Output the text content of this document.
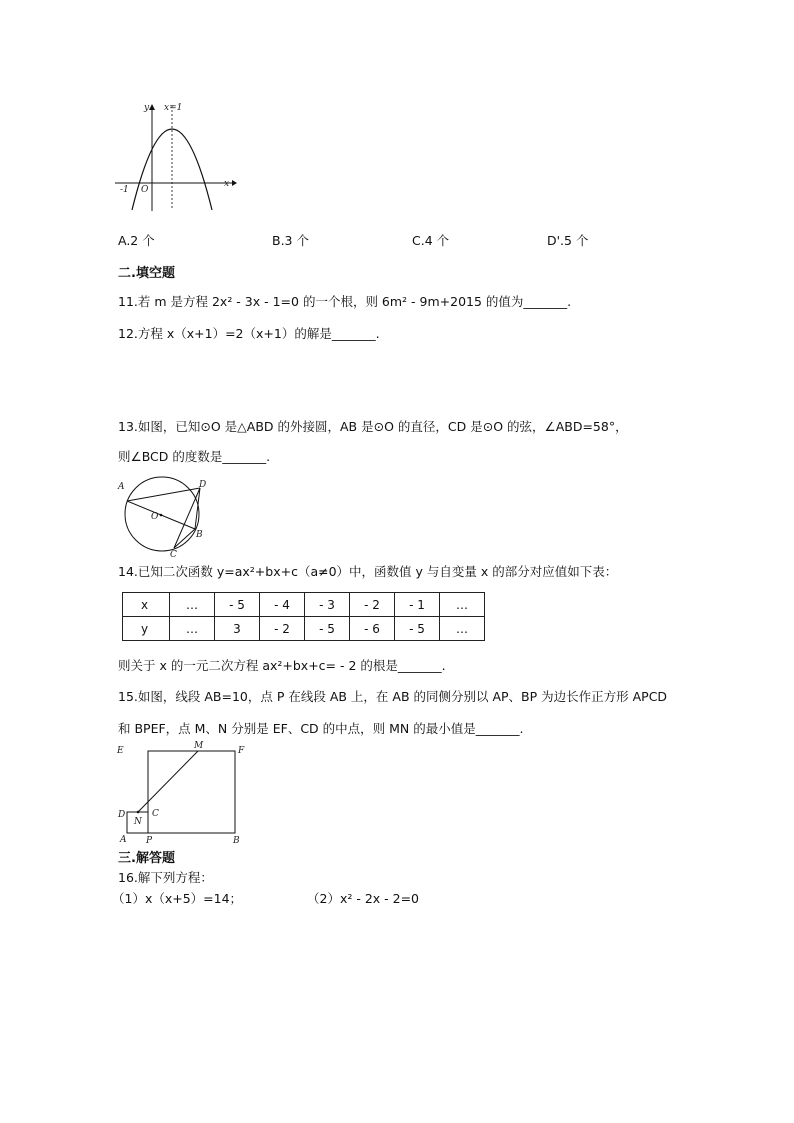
y x=1
x
-1 O
A.2 个	B.3 个	C.4 个	D'.5 个
二.填空题
11.若 m 是方程 2x² - 3x - 1=0 的一个根，则 6m² - 9m+2015 的值为_______.
12.方程 x（x+1）=2（x+1）的解是_______.
13.如图，已知⊙O 是△ABD 的外接圆，AB 是⊙O 的直径，CD 是⊙O 的弦，∠ABD=58°，
则∠BCD 的度数是_______.
A	D
O
B
C
14.已知二次函数 y=ax²+bx+c（a≠0）中，函数值 y 与自变量 x 的部分对应值如下表：
x	…	- 5	- 4	- 3	- 2	- 1	…
y	…	3	- 2	- 5	- 6	- 5	…
则关于 x 的一元二次方程 ax²+bx+c= - 2 的根是_______.
15.如图，线段 AB=10，点 P 在线段 AB 上，在 AB 的同侧分别以 AP、BP 为边长作正方形 APCD
和 BPEF，点 M、N 分别是 EF、CD 的中点，则 MN 的最小值是_______.
E	M	F
D
N
C
A P	B
三.解答题
16.解下列方程：
（1）x（x+5）=14；	（2）x² - 2x - 2=0
